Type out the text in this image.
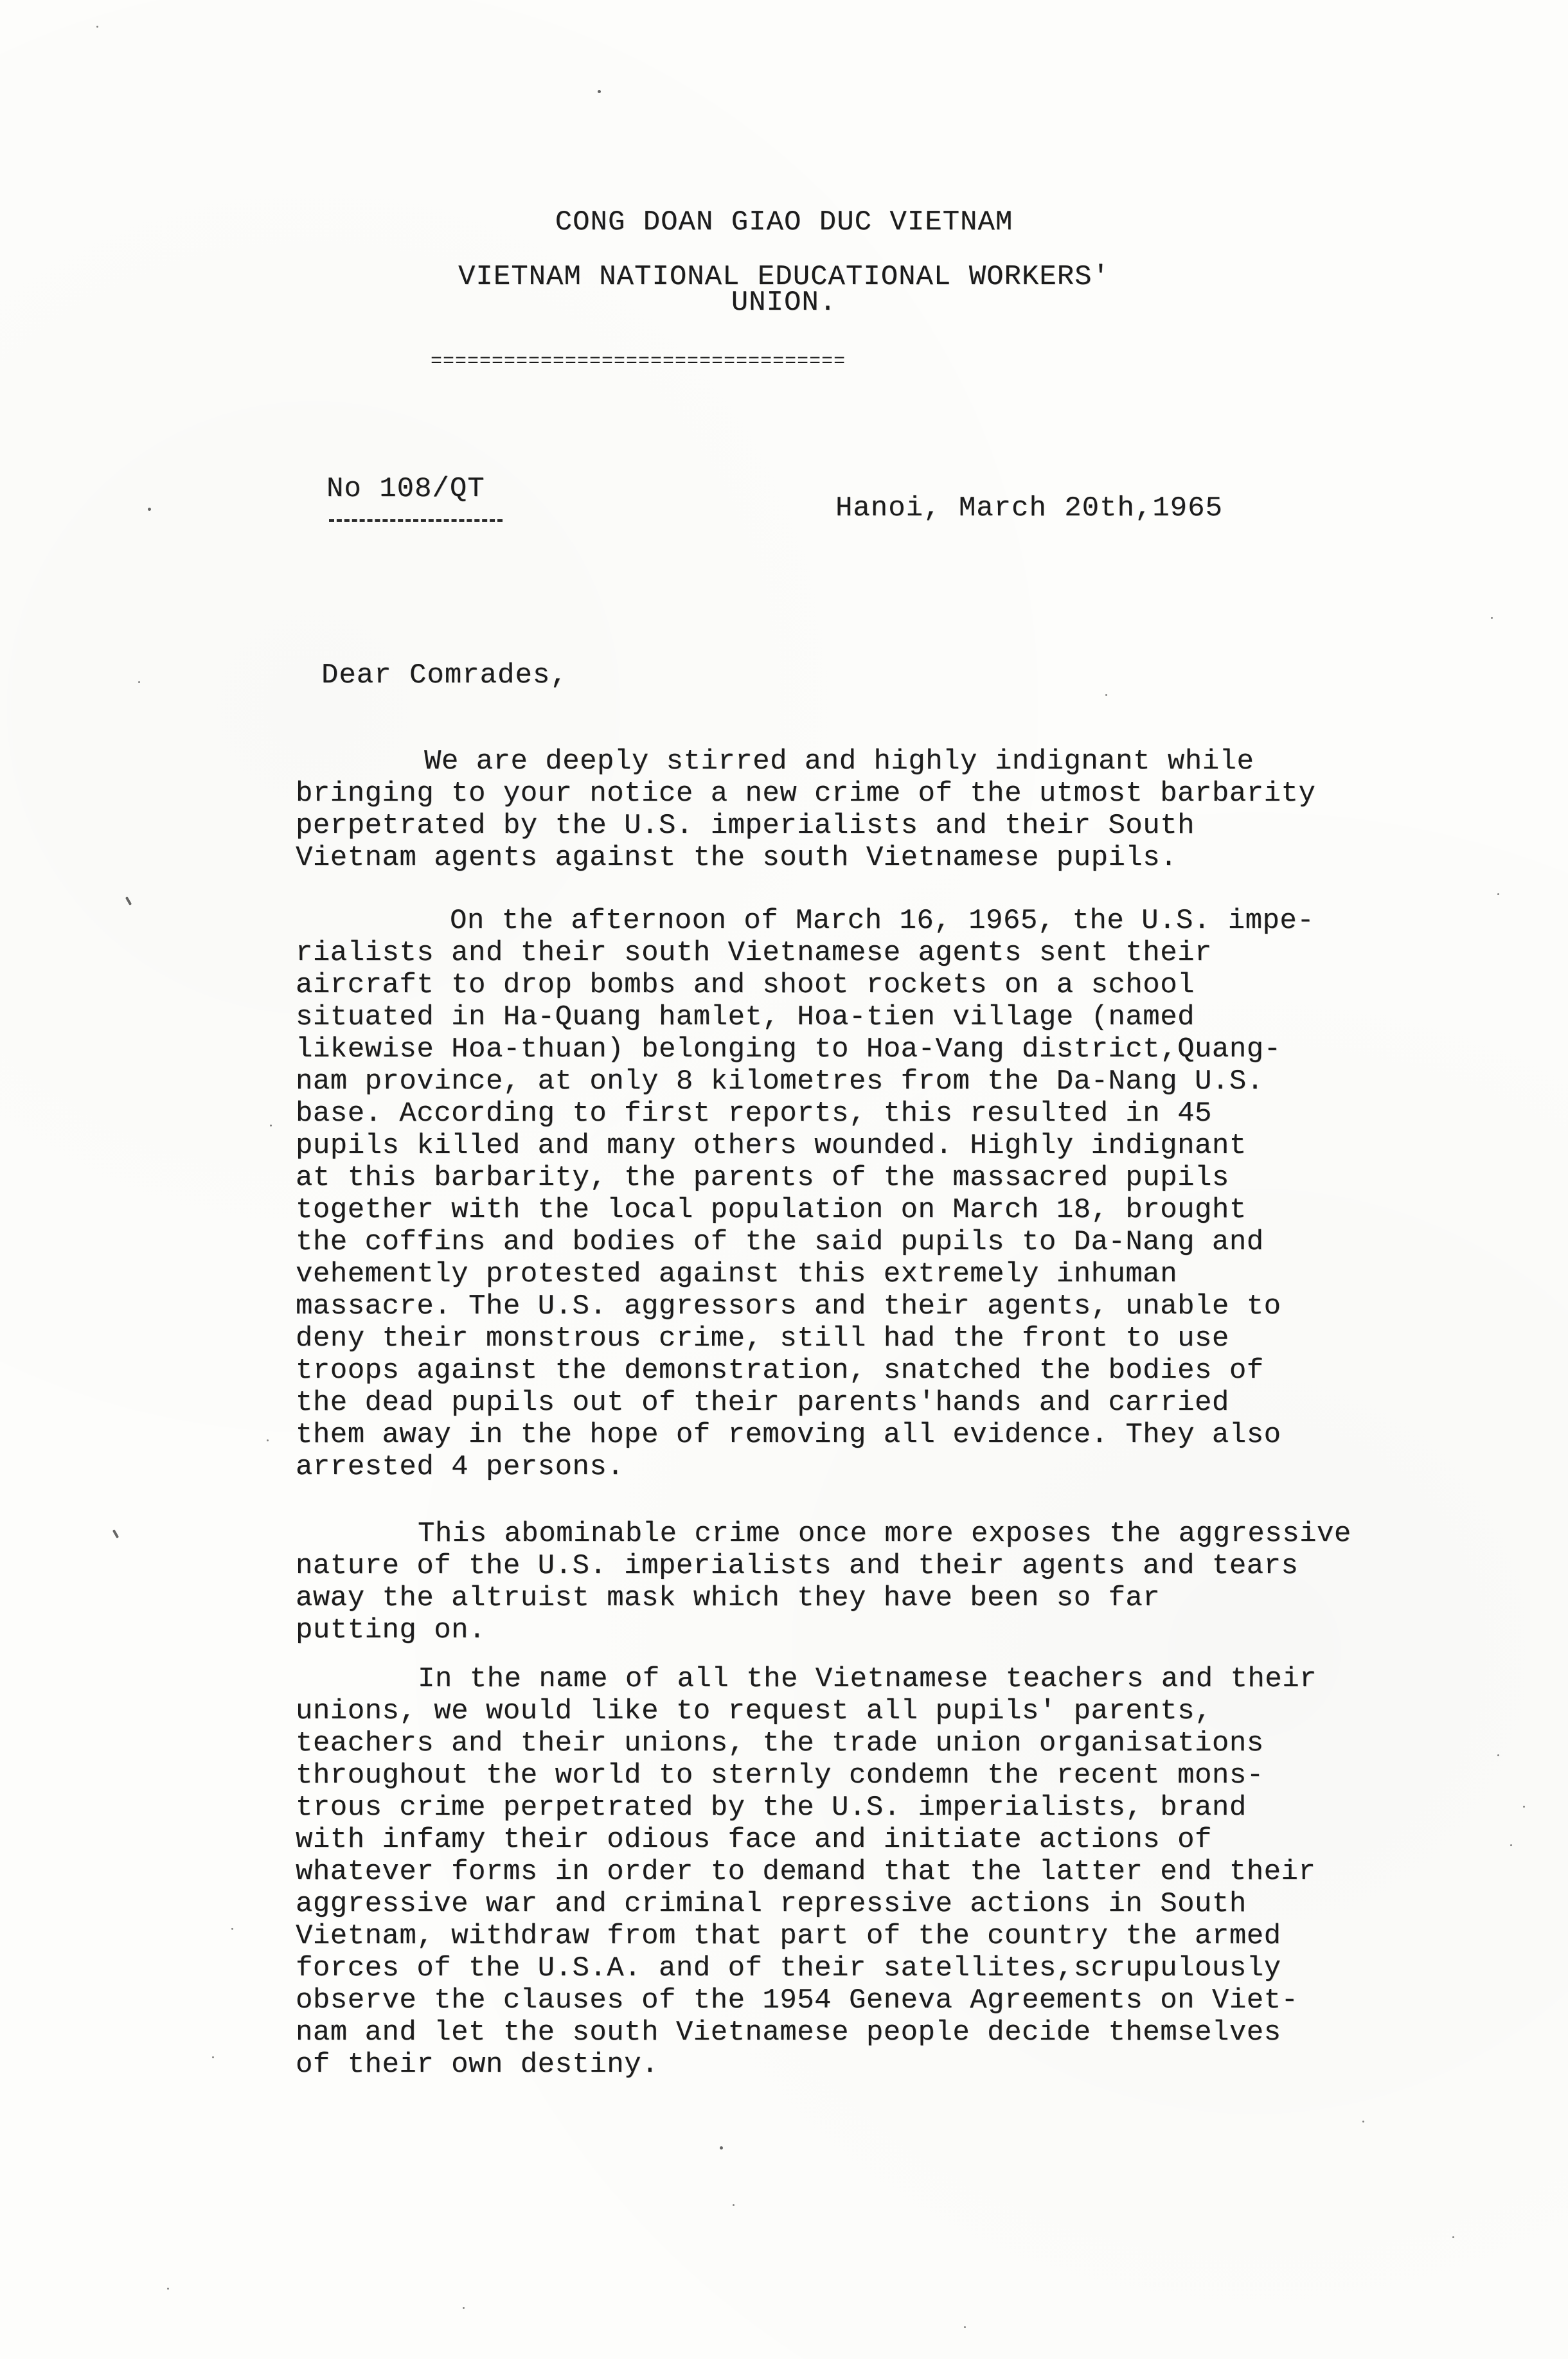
CONG DOAN GIAO DUC VIETNAM
VIETNAM NATIONAL EDUCATIONAL WORKERS'
UNION.
==================================
No 108/QT
Hanoi, March 20th,1965
Dear Comrades,
We are deeply stirred and highly indignant while
bringing to your notice a new crime of the utmost barbarity
perpetrated by the U.S. imperialists and their South
Vietnam agents against the south Vietnamese pupils.
On the afternoon of March 16, 1965, the U.S. impe-
rialists and their south Vietnamese agents sent their
aircraft to drop bombs and shoot rockets on a school
situated in Ha-Quang hamlet, Hoa-tien village (named
likewise Hoa-thuan) belonging to Hoa-Vang district,Quang-
nam province, at only 8 kilometres from the Da-Nang U.S.
base. According to first reports, this resulted in 45
pupils killed and many others wounded. Highly indignant
at this barbarity, the parents of the massacred pupils
together with the local population on March 18, brought
the coffins and bodies of the said pupils to Da-Nang and
vehemently protested against this extremely inhuman
massacre. The U.S. aggressors and their agents, unable to
deny their monstrous crime, still had the front to use
troops against the demonstration, snatched the bodies of
the dead pupils out of their parents'hands and carried
them away in the hope of removing all evidence. They also
arrested 4 persons.
This abominable crime once more exposes the aggressive
nature of the U.S. imperialists and their agents and tears
away the altruist mask which they have been so far
putting on.
In the name of all the Vietnamese teachers and their
unions, we would like to request all pupils' parents,
teachers and their unions, the trade union organisations
throughout the world to sternly condemn the recent mons-
trous crime perpetrated by the U.S. imperialists, brand
with infamy their odious face and initiate actions of
whatever forms in order to demand that the latter end their
aggressive war and criminal repressive actions in South
Vietnam, withdraw from that part of the country the armed
forces of the U.S.A. and of their satellites,scrupulously
observe the clauses of the 1954 Geneva Agreements on Viet-
nam and let the south Vietnamese people decide themselves
of their own destiny.
